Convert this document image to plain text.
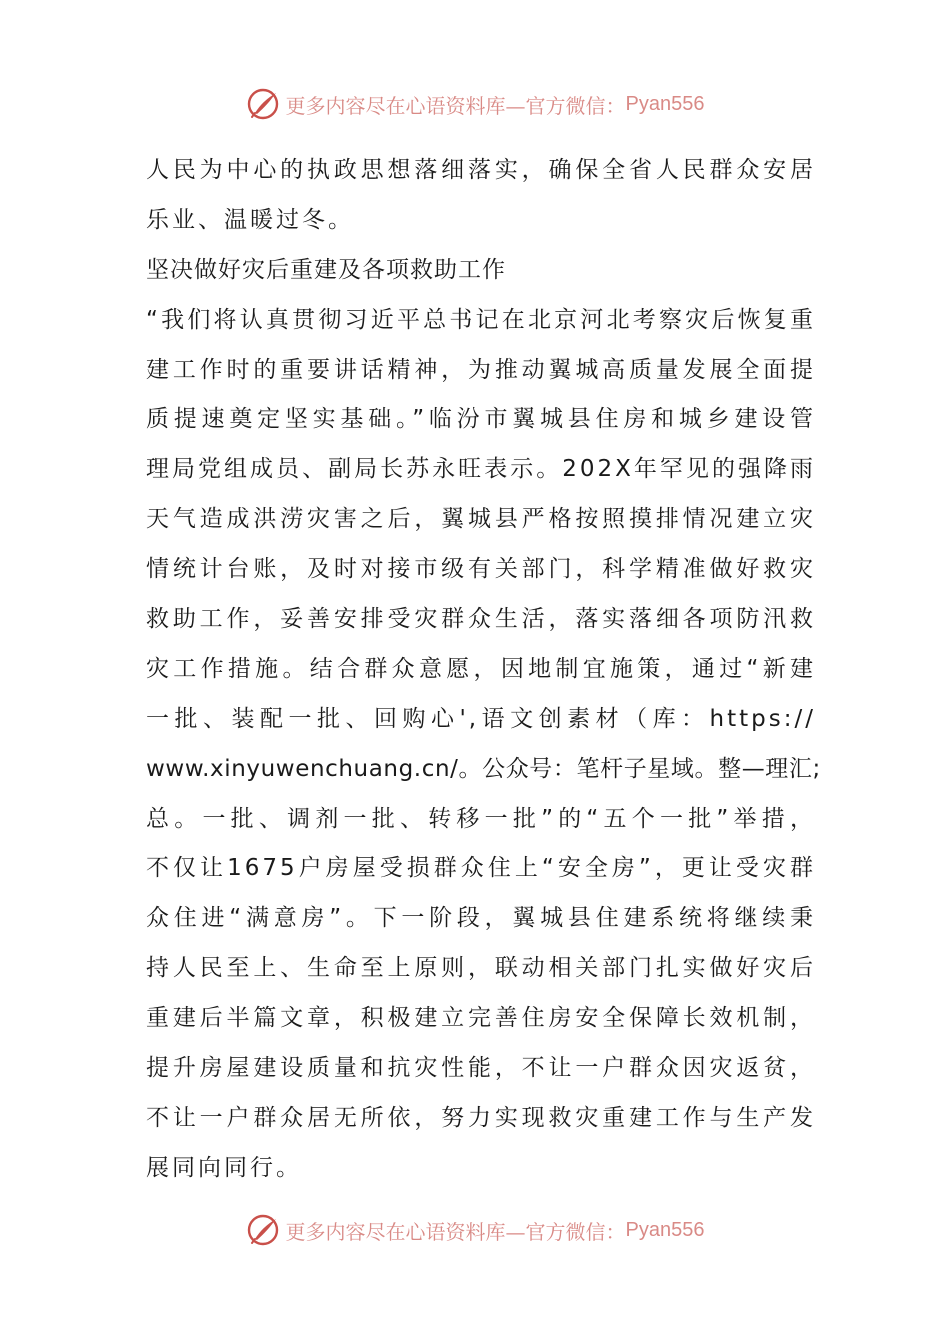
更多内容尽在心语资料库—官方微信： Pyan556
人民为中心的执政思想落细落实，确保全省人民群众安居
乐业、温暖过冬。
坚决做好灾后重建及各项救助工作
“我们将认真贯彻习近平总书记在北京河北考察灾后恢复重
建工作时的重要讲话精神，为推动翼城高质量发展全面提
质提速奠定坚实基础。”临汾市翼城县住房和城乡建设管
理局党组成员、副局长苏永旺表示。202X年罕见的强降雨
天气造成洪涝灾害之后，翼城县严格按照摸排情况建立灾
情统计台账，及时对接市级有关部门，科学精准做好救灾
救助工作，妥善安排受灾群众生活，落实落细各项防汛救
灾工作措施。结合群众意愿，因地制宜施策，通过“新建
一批、装配一批、回购心',语文创素材（库：https://
www.xinyuwenchuang.cn/。公众号：笔杆子星域。整—理汇;
总。一批、调剂一批、转移一批”的“五个一批”举措，
不仅让1675户房屋受损群众住上“安全房”，更让受灾群
众住进“满意房”。下一阶段，翼城县住建系统将继续秉
持人民至上、生命至上原则，联动相关部门扎实做好灾后
重建后半篇文章，积极建立完善住房安全保障长效机制，
提升房屋建设质量和抗灾性能，不让一户群众因灾返贫，
不让一户群众居无所依，努力实现救灾重建工作与生产发
展同向同行。
更多内容尽在心语资料库—官方微信： Pyan556
